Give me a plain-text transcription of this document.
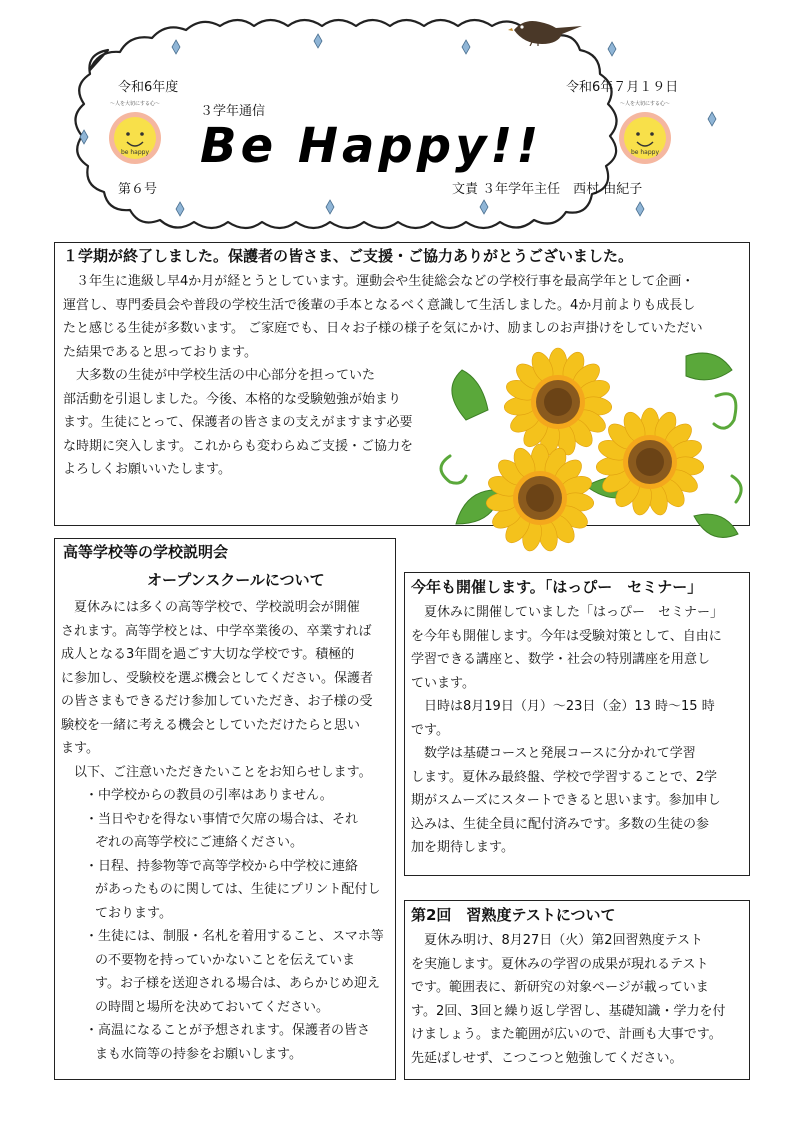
令和6年度	令和6年７月１９日
３学年通信
Be Happy!!
第６号	文責 ３年学年主任　西村 由紀子
～人を大切にする心～
be happy
～人を大切にする心～
be happy
１学期が終了しました。保護者の皆さま、ご支援・ご協力ありがとうございました。

３年生に進級し早4か月が経とうとしています。運動会や生徒総会などの学校行事を最高学年として企画・

運営し、専門委員会や普段の学校生活で後輩の手本となるべく意識して生活しました。4か月前よりも成長し

たと感じる生徒が多数います。 ご家庭でも、日々お子様の様子を気にかけ、励ましのお声掛けをしていただい

た結果であると思っております。

大多数の生徒が中学校生活の中心部分を担っていた

部活動を引退しました。今後、本格的な受験勉強が始まり

ます。生徒にとって、保護者の皆さまの支えがますます必要

な時期に突入します。これからも変わらぬご支援・ご協力を

よろしくお願いいたします。

高等学校等の学校説明会
オープンスクールについて

夏休みには多くの高等学校で、学校説明会が開催

されます。高等学校とは、中学卒業後の、卒業すれば

成人となる3年間を過ごす大切な学校です。積極的

に参加し、受験校を選ぶ機会としてください。保護者

の皆さまもできるだけ参加していただき、お子様の受

験校を一緒に考える機会としていただけたらと思い

ます。

以下、ご注意いただきたいことをお知らせします。

・中学校からの教員の引率はありません。

・当日やむを得ない事情で欠席の場合は、それ

ぞれの高等学校にご連絡ください。

・日程、持参物等で高等学校から中学校に連絡

があったものに関しては、生徒にプリント配付し

ております。

・生徒には、制服・名札を着用すること、スマホ等

の不要物を持っていかないことを伝えていま

す。お子様を送迎される場合は、あらかじめ迎え

の時間と場所を決めておいてください。

・高温になることが予想されます。保護者の皆さ

まも水筒等の持参をお願いします。

今年も開催します。「はっぴー　セミナー」

夏休みに開催していました「はっぴー　セミナー」

を今年も開催します。今年は受験対策として、自由に

学習できる講座と、数学・社会の特別講座を用意し

ています。

日時は8月19日（月）～23日（金）13 時～15 時

です。

数学は基礎コースと発展コースに分かれて学習

します。夏休み最終盤、学校で学習することで、2学

期がスムーズにスタートできると思います。参加申し

込みは、生徒全員に配付済みです。多数の生徒の参

加を期待します。

第2回　習熟度テストについて

夏休み明け、8月27日（火）第2回習熟度テスト

を実施します。夏休みの学習の成果が現れるテスト

です。範囲表に、新研究の対象ページが載っていま

す。2回、3回と繰り返し学習し、基礎知識・学力を付

けましょう。また範囲が広いので、計画も大事です。

先延ばしせず、こつこつと勉強してください。
